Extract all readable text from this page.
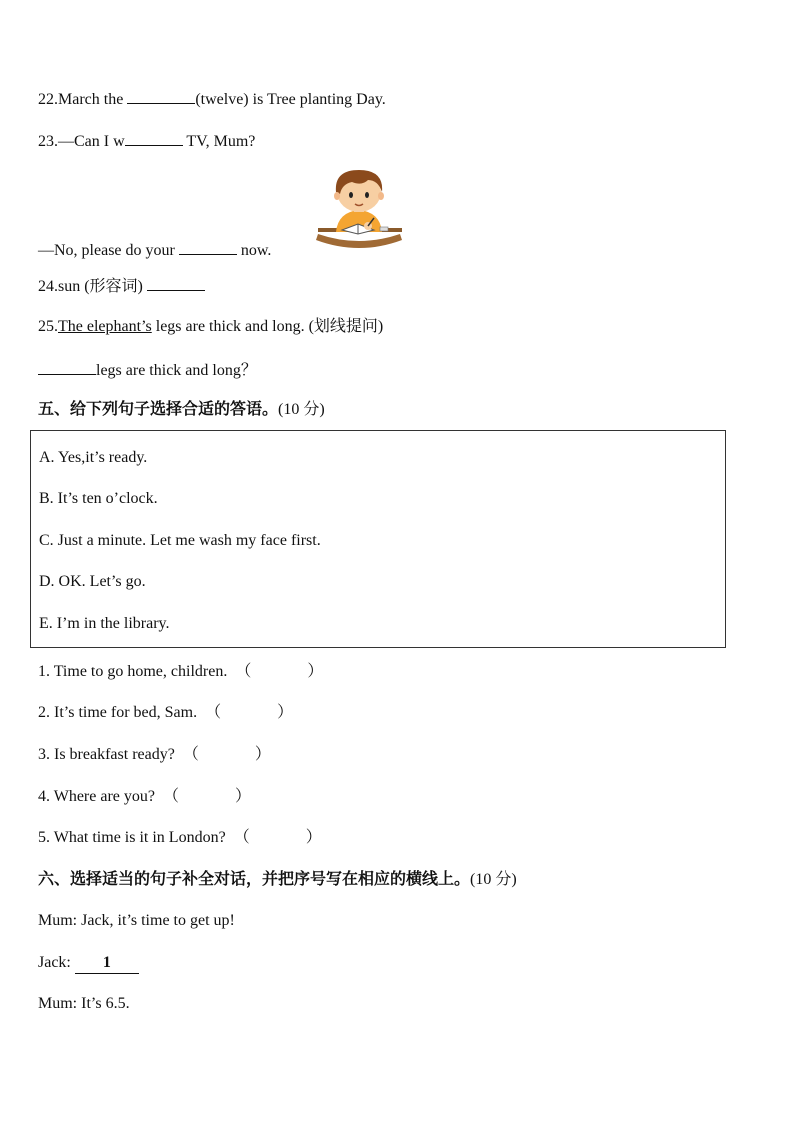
22.March the	(twelve) is Tree planting Day.
23.—Can I w	TV, Mum?
—No, please do your	now.
24.sun (形容词)
25.The elephant’s legs are thick and long. (划线提问)
legs are thick and long？
五、给下列句子选择合适的答语。(10 分)
A. Yes,it’s ready.
B. It’s ten o’clock.
C. Just a minute. Let me wash my face first.
D. OK. Let’s go.
E. I’m in the library.
1. Time to go home, children. （	）
2. It’s time for bed, Sam. （	）
3. Is breakfast ready? （	）
4. Where are you? （	）
5. What time is it in London? （	）
六、选择适当的句子补全对话，并把序号写在相应的横线上。(10 分)
Mum: Jack, it’s time to get up!
Jack: 1
Mum: It’s 6.5.
